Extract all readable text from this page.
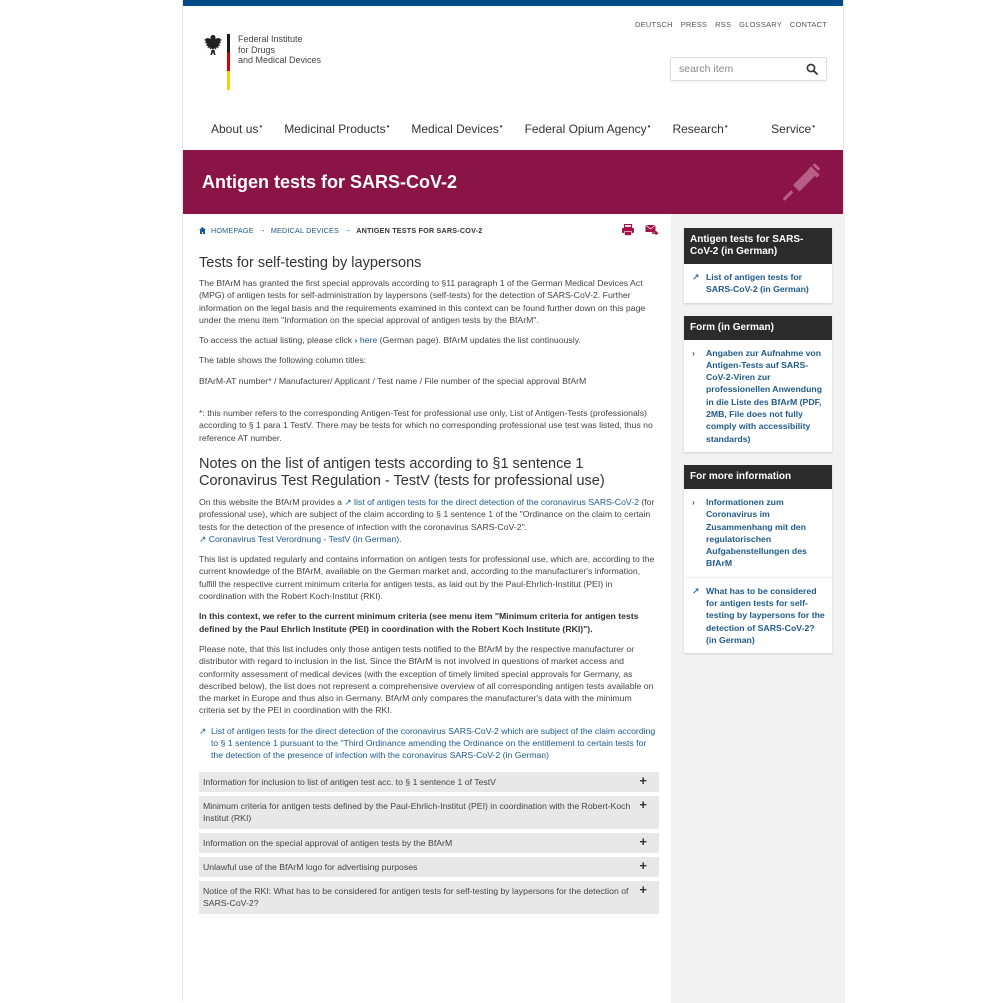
Federal Institute
for Drugs
and Medical Devices
DEUTSCH PRESS RSS GLOSSARY CONTACT
search item
About us• Medicinal Products• Medical Devices• Federal Opium Agency• Research•	Service•
Antigen tests for SARS-CoV-2
HOMEPAGE → MEDICAL DEVICES → ANTIGEN TESTS FOR SARS-COV-2
Tests for self-testing by laypersons

The BfArM has granted the first special approvals according to §11 paragraph 1 of the German Medical Devices Act (MPG) of antigen tests for self-administration by laypersons (self-tests) for the detection of SARS-CoV-2. Further information on the legal basis and the requirements examined in this context can be found further down on this page under the menu item "Information on the special approval of antigen tests by the BfArM".

To access the actual listing, please click › here (German page). BfArM updates the list continuously.

The table shows the following column titles:

BfArM-AT number* / Manufacturer/ Applicant / Test name / File number of the special approval BfArM

*: this number refers to the corresponding Antigen-Test for professional use only, List of Antigen-Tests (professionals) according to § 1 para 1 TestV. There may be tests for which no corresponding professional use test was listed, thus no reference AT number.

Notes on the list of antigen tests according to §1 sentence 1 Coronavirus Test Regulation - TestV (tests for professional use)

On this website the BfArM provides a ↗ list of antigen tests for the direct detection of the coronavirus SARS-CoV-2 (for professional use), which are subject of the claim according to § 1 sentence 1 of the "Ordinance on the claim to certain tests for the detection of the presence of infection with the coronavirus SARS-CoV-2".
↗ Coronavirus Test Verordnung - TestV (in German).

This list is updated regularly and contains information on antigen tests for professional use, which are, according to the current knowledge of the BfArM, available on the German market and, according to the manufacturer's information, fulfill the respective current minimum criteria for antigen tests, as laid out by the Paul-Ehrlich-Institut (PEI) in coordination with the Robert Koch-Institut (RKI).

In this context, we refer to the current minimum criteria (see menu item "Minimum criteria for antigen tests defined by the Paul Ehrlich Institute (PEI) in coordination with the Robert Koch Institute (RKI)").

Please note, that this list includes only those antigen tests notified to the BfArM by the respective manufacturer or distributor with regard to inclusion in the list. Since the BfArM is not involved in questions of market access and conformity assessment of medical devices (with the exception of timely limited special approvals for Germany, as described below), the list does not represent a comprehensive overview of all corresponding antigen tests available on the market in Europe and thus also in Germany. BfArM only compares the manufacturer's data with the minimum criteria set by the PEI in coordination with the RKI.

↗ List of antigen tests for the direct detection of the coronavirus SARS-CoV-2 which are subject of the claim according to § 1 sentence 1 pursuant to the "Third Ordinance amending the Ordinance on the entitlement to certain tests for the detection of the presence of infection with the coronavirus SARS-CoV-2 (in German)
Information for inclusion to list of antigen test acc. to § 1 sentence 1 of TestV	+
Minimum criteria for antigen tests defined by the Paul-Ehrlich-Institut (PEI) in coordination with the Robert-Koch Institut (RKI)
+
Information on the special approval of antigen tests by the BfArM	+
Unlawful use of the BfArM logo for advertising purposes	+
Notice of the RKI: What has to be considered for antigen tests for self-testing by laypersons for the detection of SARS-CoV-2?
+
Antigen tests for SARS-CoV-2 (in German)
↗ List of antigen tests for SARS-CoV-2 (in German)
Form (in German)
›	Angaben zur Aufnahme von Antigen-Tests auf SARS-CoV-2-Viren zur professionellen Anwendung in die Liste des BfArM (PDF, 2MB, File does not fully comply with accessibility standards)
For more information
›	Informationen zum Coronavirus im Zusammenhang mit den regulatorischen Aufgabenstellungen des BfArM
↗ What has to be considered for antigen tests for self-testing by laypersons for the detection of SARS-CoV-2? (in German)
